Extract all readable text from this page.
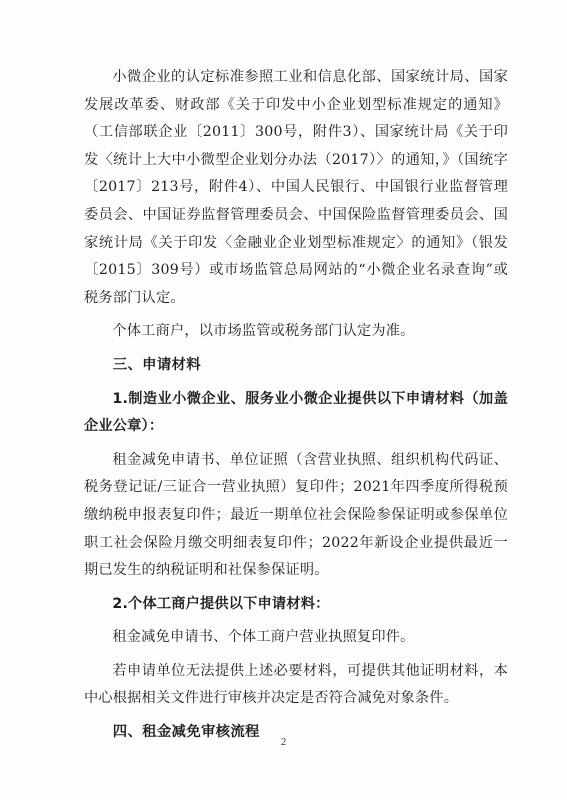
小微企业的认定标准参照工业和信息化部、国家统计局、国家发展改革委、财政部《关于印发中小企业划型标准规定的通知》（工信部联企业〔2011〕300号，附件3）、国家统计局《关于印发〈统计上大中小微型企业划分办法（2017）〉的通知，》（国统字〔2017〕213号，附件4）、中国人民银行、中国银行业监督管理委员会、中国证券监督管理委员会、中国保险监督管理委员会、国家统计局《关于印发〈金融业企业划型标准规定〉的通知》（银发〔2015〕309号）或市场监管总局网站的“小微企业名录查询”或税务部门认定。

个体工商户，以市场监管或税务部门认定为准。

三、申请材料

1.制造业小微企业、服务业小微企业提供以下申请材料（加盖企业公章）：

租金减免申请书、单位证照（含营业执照、组织机构代码证、税务登记证/三证合一营业执照）复印件；2021年四季度所得税预缴纳税申报表复印件；最近一期单位社会保险参保证明或参保单位职工社会保险月缴交明细表复印件；2022年新设企业提供最近一期已发生的纳税证明和社保参保证明。

2.个体工商户提供以下申请材料：

租金减免申请书、个体工商户营业执照复印件。

若申请单位无法提供上述必要材料，可提供其他证明材料，本中心根据相关文件进行审核并决定是否符合减免对象条件。

四、租金减免审核流程

2
